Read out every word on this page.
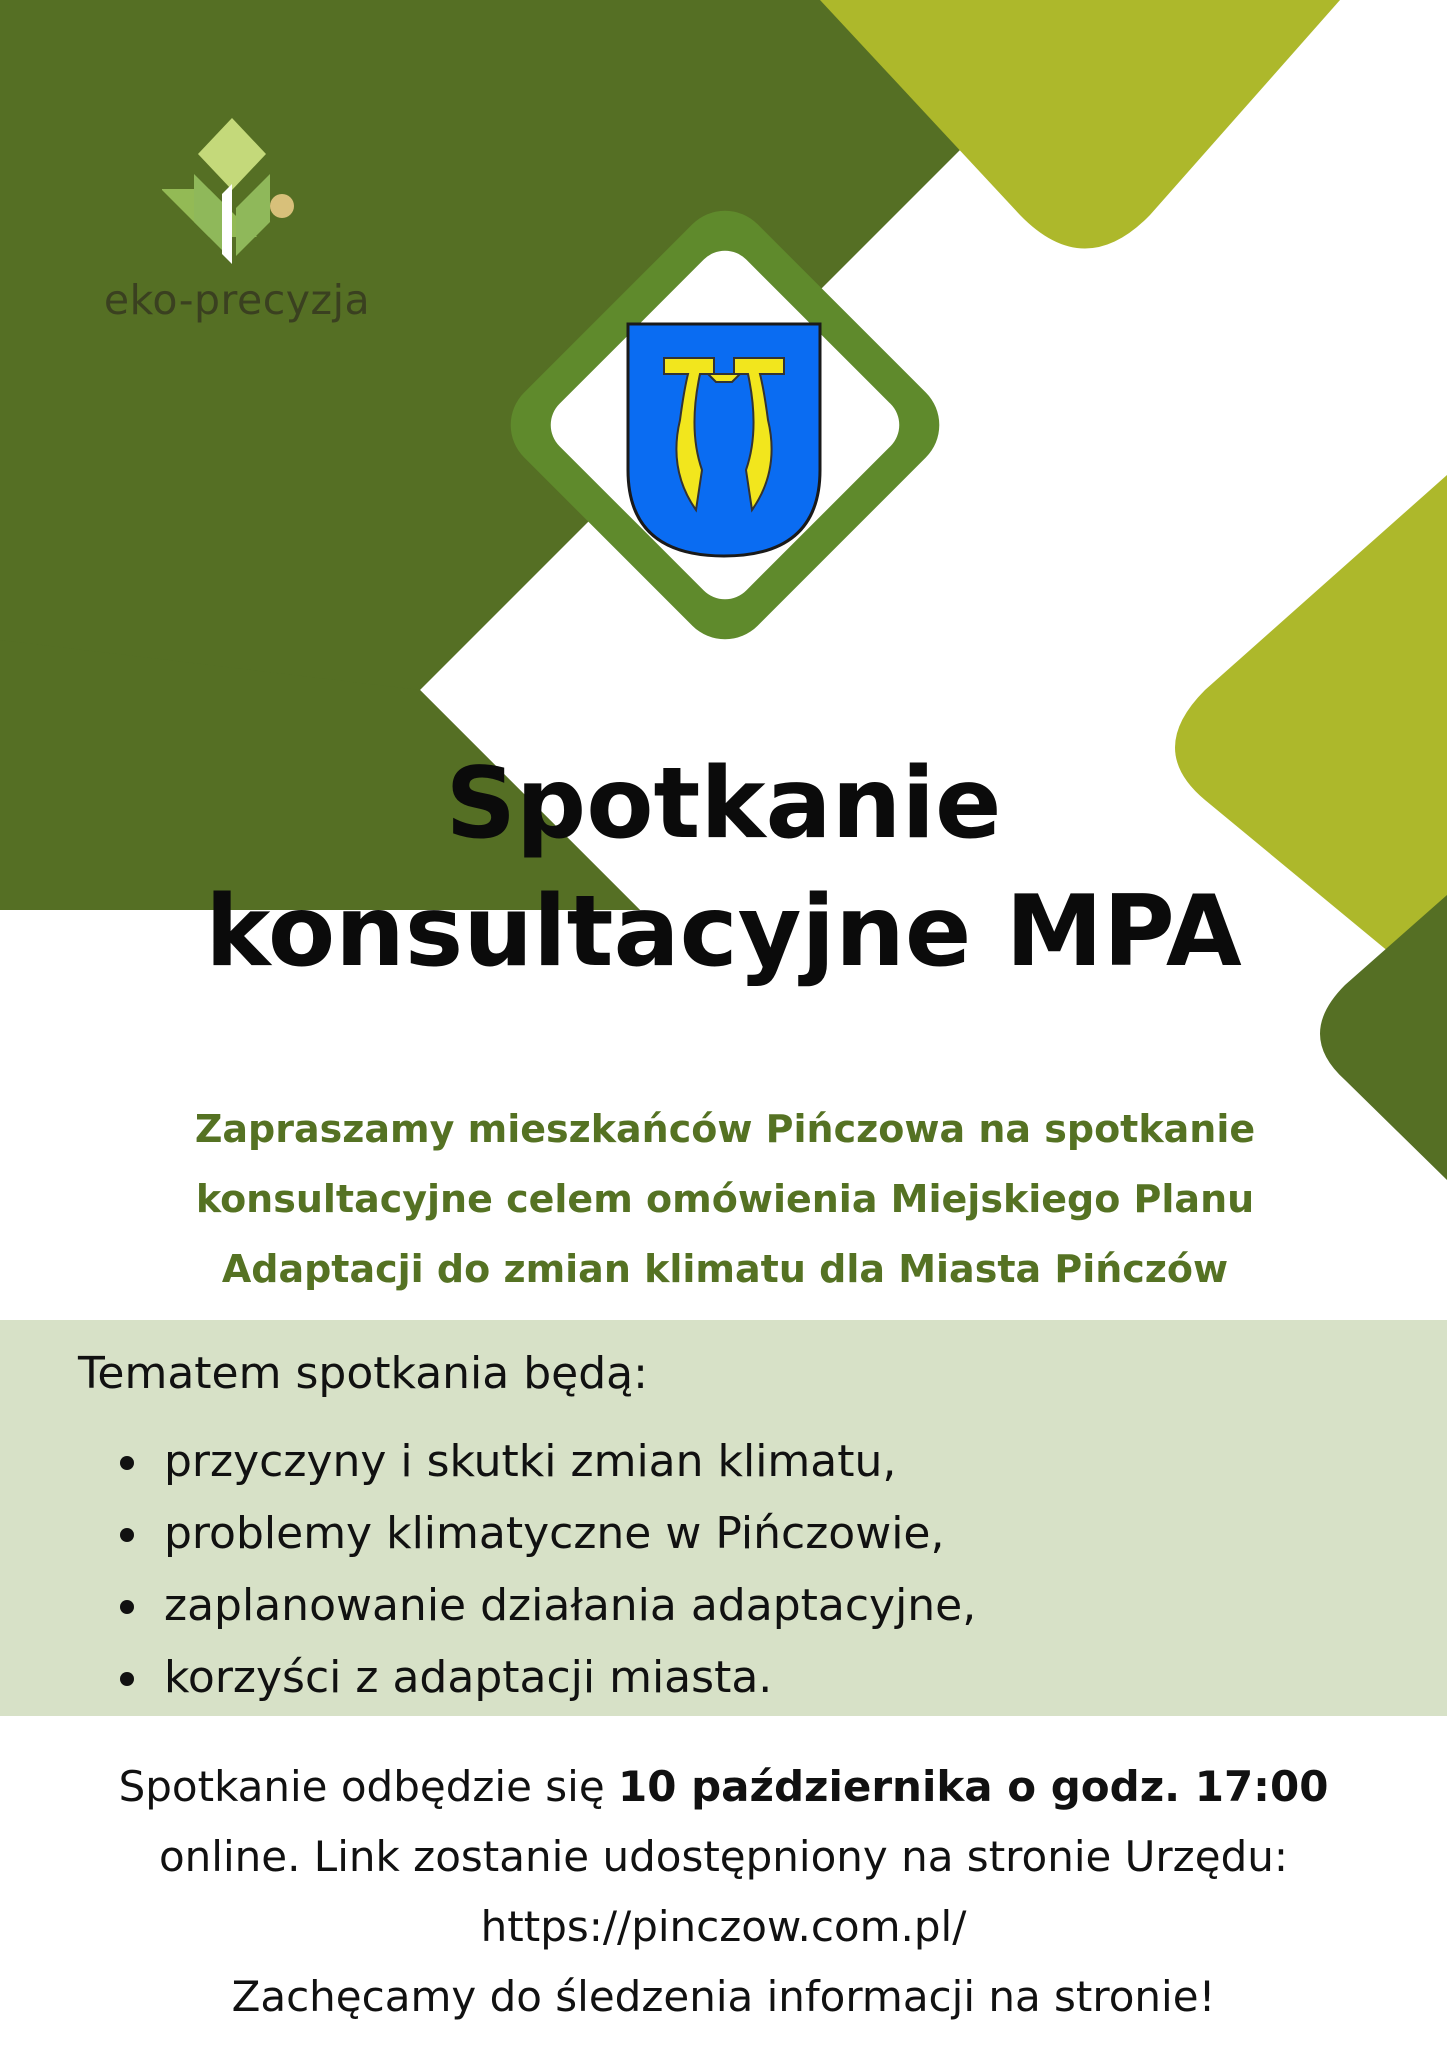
eko-precyzja
Spotkanie
konsultacyjne MPA
Zapraszamy mieszkańców Pińczowa na spotkanie
konsultacyjne celem omówienia Miejskiego Planu
Adaptacji do zmian klimatu dla Miasta Pińczów
Tematem spotkania będą:
przyczyny i skutki zmian klimatu,
problemy klimatyczne w Pińczowie,
zaplanowanie działania adaptacyjne,
korzyści z adaptacji miasta.
Spotkanie odbędzie się 10 października o godz. 17:00
online. Link zostanie udostępniony na stronie Urzędu:
https://pinczow.com.pl/
Zachęcamy do śledzenia informacji na stronie!
